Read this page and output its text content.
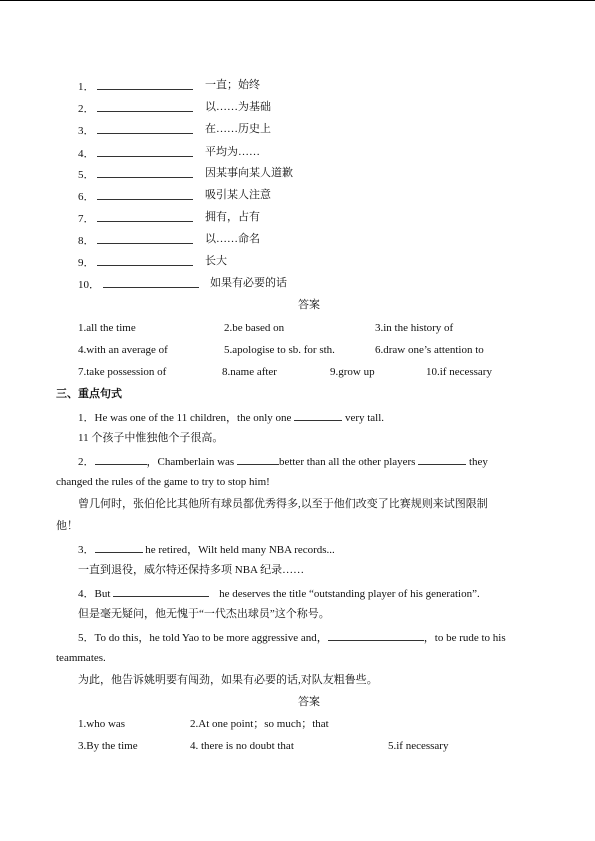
1．	一直；始终
2．	以……为基础
3．	在……历史上
4．	平均为……
5．	因某事向某人道歉
6．	吸引某人注意
7．	拥有，占有
8．	以……命名
9．	长大
10．	如果有必要的话
答案
1.all the time	2.be based on	3.in the history of
4.with an average of	5.apologise to sb. for sth.	6.draw one’s attention to
7.take possession of	8.name after	9.grow up	10.if necessary
三、重点句式
1．He was one of the 11 children，the only one	very tall.
11 个孩子中惟独他个子很高。
2．	，Chamberlain was	better than all the other players	they
changed the rules of the game to try to stop him!
曾几何时，张伯伦比其他所有球员都优秀得多,以至于他们改变了比赛规则来试图限制
他！
3．	he retired，Wilt held many NBA records...
一直到退役，威尔特还保持多项 NBA 纪录……
4．But	he deserves the title “outstanding player of his generation”.
但是毫无疑问，他无愧于“一代杰出球员”这个称号。
5．To do this，he told Yao to be more aggressive and，	，to be rude to his
teammates.
为此，他告诉姚明要有闯劲，如果有必要的话,对队友粗鲁些。
答案
1.who was	2.At one point；so much；that
3.By the time	4. there is no doubt that	5.if necessary
